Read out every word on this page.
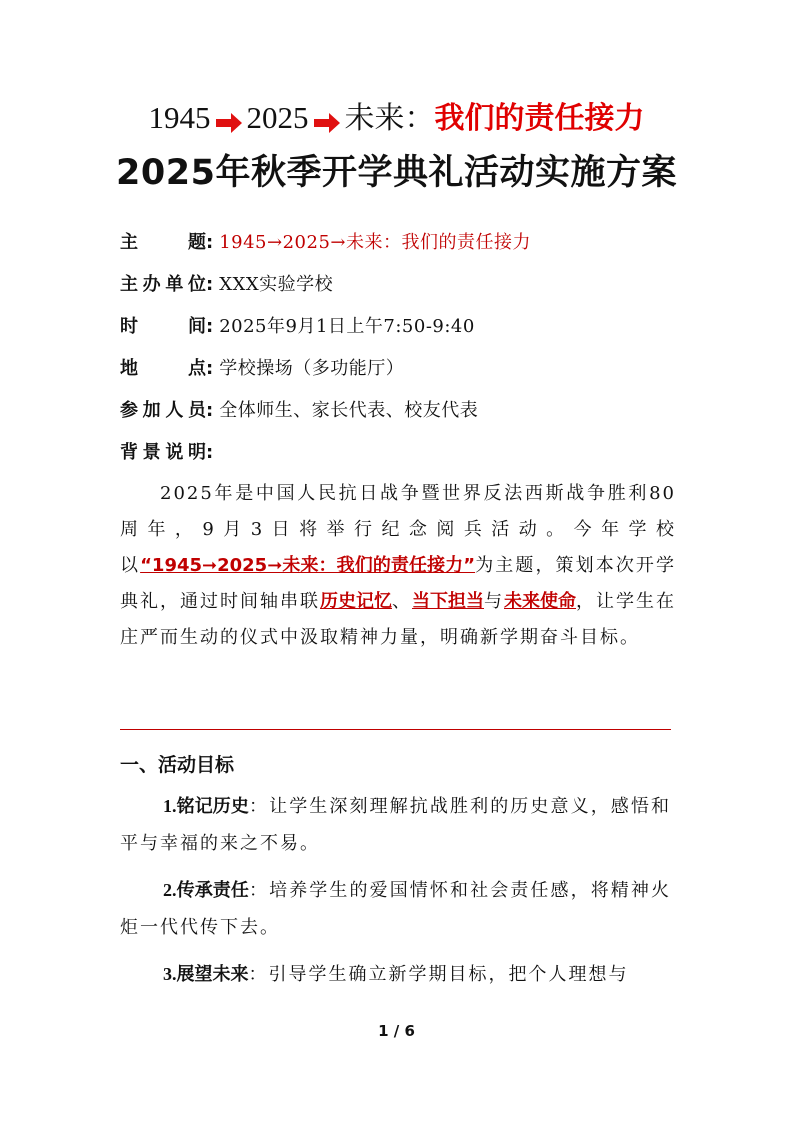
1945 2025 未来：我们的责任接力
2025年秋季开学典礼活动实施方案
主题: 1945→2025→未来：我们的责任接力
主办单位: XXX实验学校
时间: 2025年9月1日上午7:50-9:40
地点: 学校操场（多功能厅）
参加人员: 全体师生、家长代表、校友代表
背景说明:
2025年是中国人民抗日战争暨世界反法西斯战争胜利80周年，9月3日将举行纪念阅兵活动。今年学校以“1945➞2025➞未来：我们的责任接力”为主题，策划本次开学典礼，通过时间轴串联历史记忆、当下担当与未来使命，让学生在庄严而生动的仪式中汲取精神力量，明确新学期奋斗目标。
一、活动目标
1.铭记历史：让学生深刻理解抗战胜利的历史意义，感悟和平与幸福的来之不易。
2.传承责任：培养学生的爱国情怀和社会责任感，将精神火炬一代代传下去。
3.展望未来：引导学生确立新学期目标，把个人理想与
1 / 6
